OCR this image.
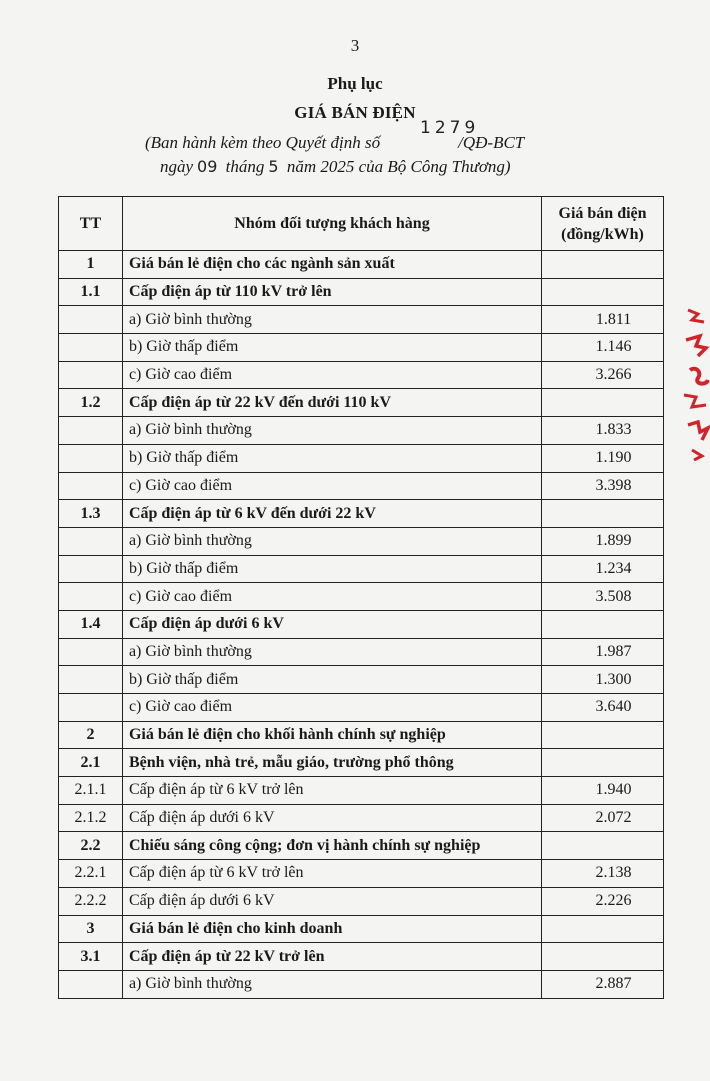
3
Phụ lục
GIÁ BÁN ĐIỆN
1279
(Ban hành kèm theo Quyết định số	/QĐ-BCT
ngày 09 tháng 5 năm 2025 của Bộ Công Thương)
TT	Nhóm đối tượng khách hàng	Giá bán điện
(đồng/kWh)

1	Giá bán lẻ điện cho các ngành sản xuất	
1.1	Cấp điện áp từ 110 kV trở lên	
	a) Giờ bình thường	1.811
	b) Giờ thấp điểm	1.146
	c) Giờ cao điểm	3.266
1.2	Cấp điện áp từ 22 kV đến dưới 110 kV	
	a) Giờ bình thường	1.833
	b) Giờ thấp điểm	1.190
	c) Giờ cao điểm	3.398
1.3	Cấp điện áp từ 6 kV đến dưới 22 kV	
	a) Giờ bình thường	1.899
	b) Giờ thấp điểm	1.234
	c) Giờ cao điểm	3.508
1.4	Cấp điện áp dưới 6 kV	
	a) Giờ bình thường	1.987
	b) Giờ thấp điểm	1.300
	c) Giờ cao điểm	3.640
2	Giá bán lẻ điện cho khối hành chính sự nghiệp	
2.1	Bệnh viện, nhà trẻ, mẫu giáo, trường phổ thông	
2.1.1	Cấp điện áp từ 6 kV trở lên	1.940
2.1.2	Cấp điện áp dưới 6 kV	2.072
2.2	Chiếu sáng công cộng; đơn vị hành chính sự nghiệp	
2.2.1	Cấp điện áp từ 6 kV trở lên	2.138
2.2.2	Cấp điện áp dưới 6 kV	2.226
3	Giá bán lẻ điện cho kinh doanh	
3.1	Cấp điện áp từ 22 kV trở lên	
	a) Giờ bình thường	2.887
